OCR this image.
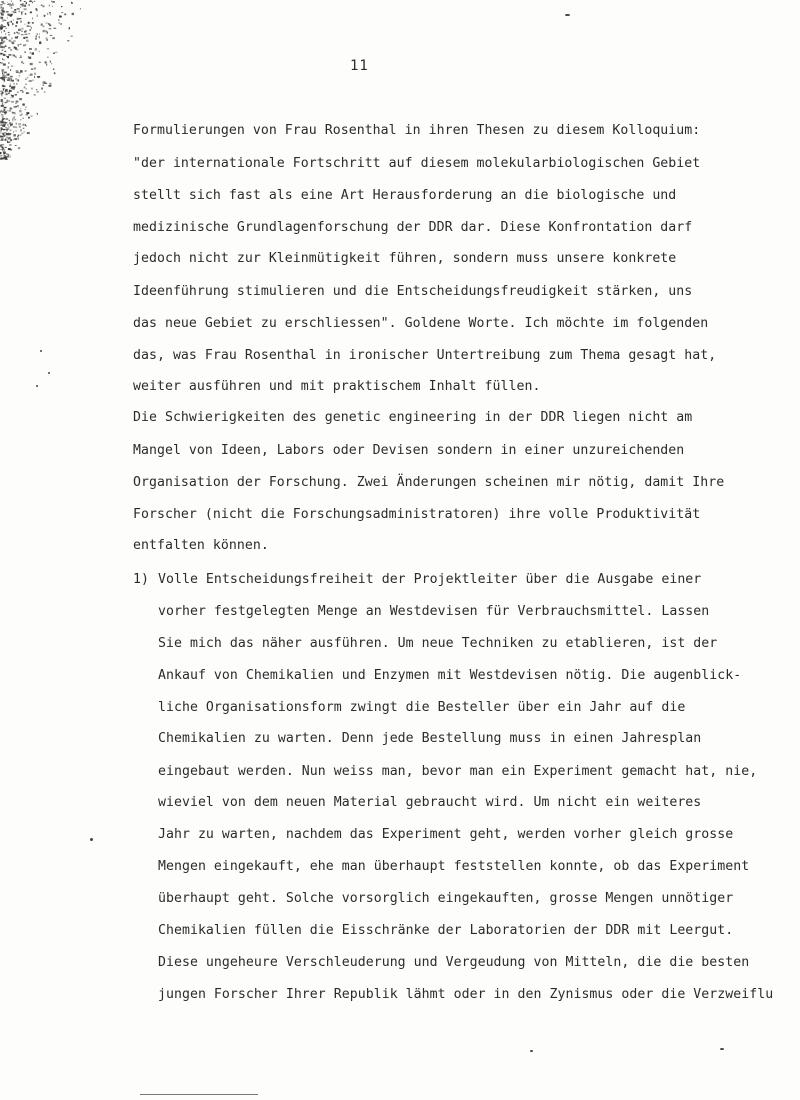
11
Formulierungen von Frau Rosenthal in ihren Thesen zu diesem Kolloquium:
"der internationale Fortschritt auf diesem molekularbiologischen Gebiet
stellt sich fast als eine Art Herausforderung an die biologische und
medizinische Grundlagenforschung der DDR dar. Diese Konfrontation darf
jedoch nicht zur Kleinmütigkeit führen, sondern muss unsere konkrete
Ideenführung stimulieren und die Entscheidungsfreudigkeit stärken, uns
das neue Gebiet zu erschliessen". Goldene Worte. Ich möchte im folgenden
das, was Frau Rosenthal in ironischer Untertreibung zum Thema gesagt hat,
weiter ausführen und mit praktischem Inhalt füllen.
Die Schwierigkeiten des genetic engineering in der DDR liegen nicht am
Mangel von Ideen, Labors oder Devisen sondern in einer unzureichenden
Organisation der Forschung. Zwei Änderungen scheinen mir nötig, damit Ihre
Forscher (nicht die Forschungsadministratoren) ihre volle Produktivität
entfalten können.
1) Volle Entscheidungsfreiheit der Projektleiter über die Ausgabe einer
vorher festgelegten Menge an Westdevisen für Verbrauchsmittel. Lassen
Sie mich das näher ausführen. Um neue Techniken zu etablieren, ist der
Ankauf von Chemikalien und Enzymen mit Westdevisen nötig. Die augenblick-
liche Organisationsform zwingt die Besteller über ein Jahr auf die
Chemikalien zu warten. Denn jede Bestellung muss in einen Jahresplan
eingebaut werden. Nun weiss man, bevor man ein Experiment gemacht hat, nie,
wieviel von dem neuen Material gebraucht wird. Um nicht ein weiteres
Jahr zu warten, nachdem das Experiment geht, werden vorher gleich grosse
Mengen eingekauft, ehe man überhaupt feststellen konnte, ob das Experiment
überhaupt geht. Solche vorsorglich eingekauften, grosse Mengen unnötiger
Chemikalien füllen die Eisschränke der Laboratorien der DDR mit Leergut.
Diese ungeheure Verschleuderung und Vergeudung von Mitteln, die die besten
jungen Forscher Ihrer Republik lähmt oder in den Zynismus oder die Verzweiflu
